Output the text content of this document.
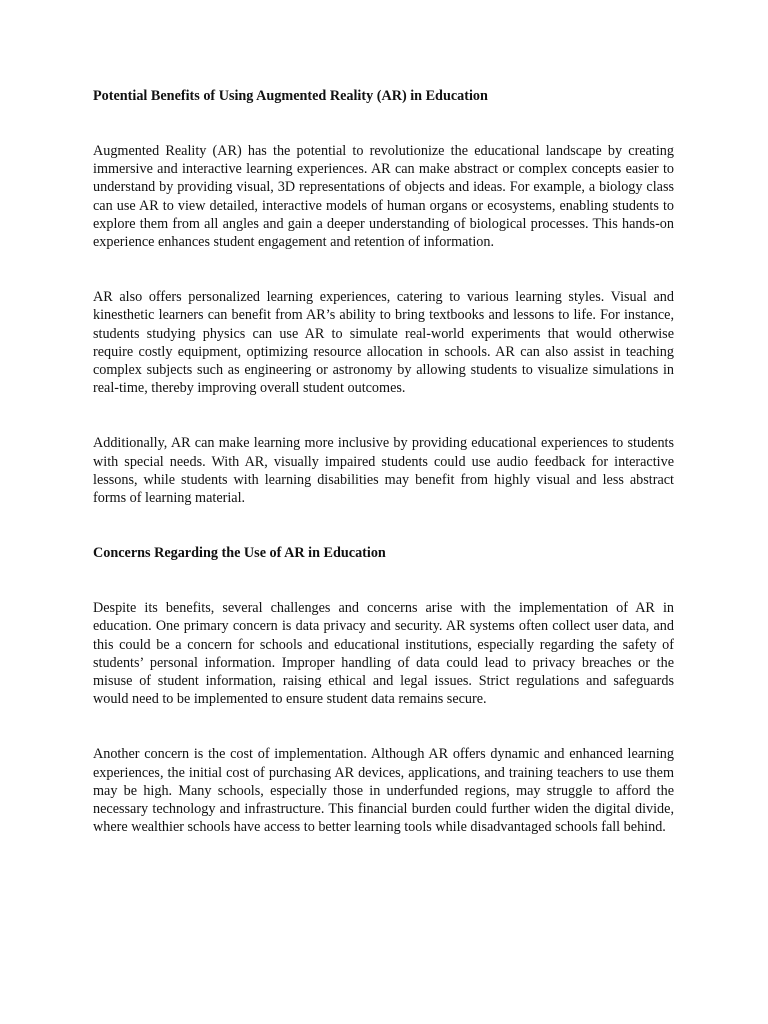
Potential Benefits of Using Augmented Reality (AR) in Education

Augmented Reality (AR) has the potential to revolutionize the educational landscape by creating immersive and interactive learning experiences. AR can make abstract or complex concepts easier to understand by providing visual, 3D representations of objects and ideas. For example, a biology class can use AR to view detailed, interactive models of human organs or ecosystems, enabling students to explore them from all angles and gain a deeper understanding of biological processes. This hands-on experience enhances student engagement and retention of information.

AR also offers personalized learning experiences, catering to various learning styles. Visual and kinesthetic learners can benefit from AR’s ability to bring textbooks and lessons to life. For instance, students studying physics can use AR to simulate real-world experiments that would otherwise require costly equipment, optimizing resource allocation in schools. AR can also assist in teaching complex subjects such as engineering or astronomy by allowing students to visualize simulations in real-time, thereby improving overall student outcomes.

Additionally, AR can make learning more inclusive by providing educational experiences to students with special needs. With AR, visually impaired students could use audio feedback for interactive lessons, while students with learning disabilities may benefit from highly visual and less abstract forms of learning material.

Concerns Regarding the Use of AR in Education

Despite its benefits, several challenges and concerns arise with the implementation of AR in education. One primary concern is data privacy and security. AR systems often collect user data, and this could be a concern for schools and educational institutions, especially regarding the safety of students’ personal information. Improper handling of data could lead to privacy breaches or the misuse of student information, raising ethical and legal issues. Strict regulations and safeguards would need to be implemented to ensure student data remains secure.

Another concern is the cost of implementation. Although AR offers dynamic and enhanced learning experiences, the initial cost of purchasing AR devices, applications, and training teachers to use them may be high. Many schools, especially those in underfunded regions, may struggle to afford the necessary technology and infrastructure. This financial burden could further widen the digital divide, where wealthier schools have access to better learning tools while disadvantaged schools fall behind.
